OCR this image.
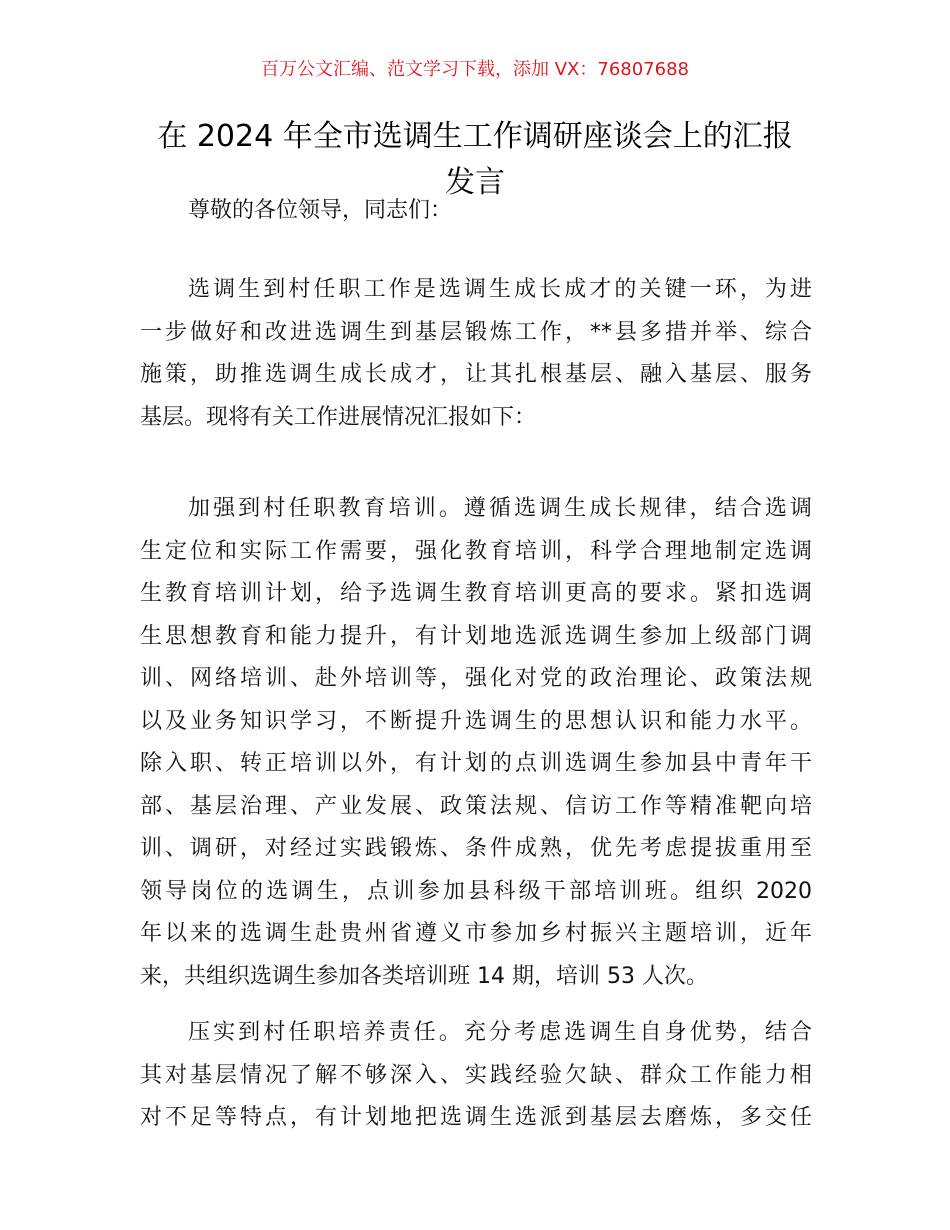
百万公文汇编、范文学习下载，添加 VX：76807688
在 2024 年全市选调生工作调研座谈会上的汇报
发言

尊敬的各位领导，同志们：

选调生到村任职工作是选调生成长成才的关键一环，为进
一步做好和改进选调生到基层锻炼工作，**县多措并举、综合
施策，助推选调生成长成才，让其扎根基层、融入基层、服务
基层。现将有关工作进展情况汇报如下：

加强到村任职教育培训。遵循选调生成长规律，结合选调
生定位和实际工作需要，强化教育培训，科学合理地制定选调
生教育培训计划，给予选调生教育培训更高的要求。紧扣选调
生思想教育和能力提升，有计划地选派选调生参加上级部门调
训、网络培训、赴外培训等，强化对党的政治理论、政策法规
以及业务知识学习，不断提升选调生的思想认识和能力水平。
除入职、转正培训以外，有计划的点训选调生参加县中青年干
部、基层治理、产业发展、政策法规、信访工作等精准靶向培
训、调研，对经过实践锻炼、条件成熟，优先考虑提拔重用至
领导岗位的选调生，点训参加县科级干部培训班。组织 2020
年以来的选调生赴贵州省遵义市参加乡村振兴主题培训，近年
来，共组织选调生参加各类培训班 14 期，培训 53 人次。

压实到村任职培养责任。充分考虑选调生自身优势，结合
其对基层情况了解不够深入、实践经验欠缺、群众工作能力相
对不足等特点，有计划地把选调生选派到基层去磨炼，多交任
